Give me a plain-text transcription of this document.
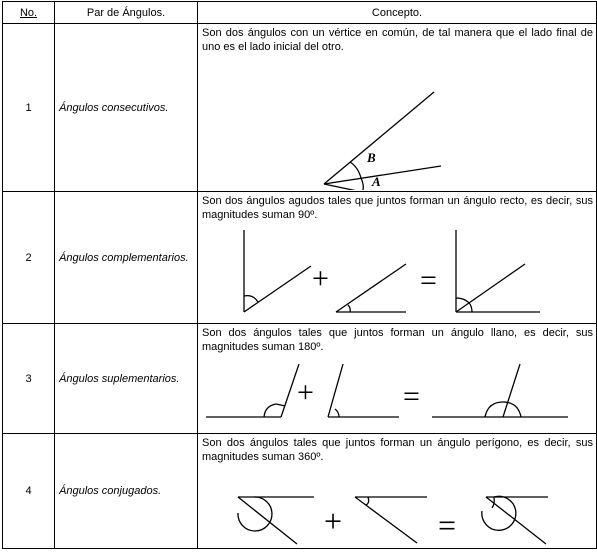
No.	Par de Ángulos.	Concepto.
1	Ángulos consecutivos.	Son dos ángulos con un vértice en común, de tal manera que el lado final de uno es el lado inicial del otro.
B
A

2	Ángulos complementarios.	Son dos ángulos agudos tales que juntos forman un ángulo recto, es decir, sus magnitudes suman 90º.
+ =

3	Ángulos suplementarios.	Son dos ángulos tales que juntos forman un ángulo llano, es decir, sus magnitudes suman 180º.
+ =

4	Ángulos conjugados.	Son dos ángulos tales que juntos forman un ángulo perígono, es decir, sus magnitudes suman 360º.
+ =
